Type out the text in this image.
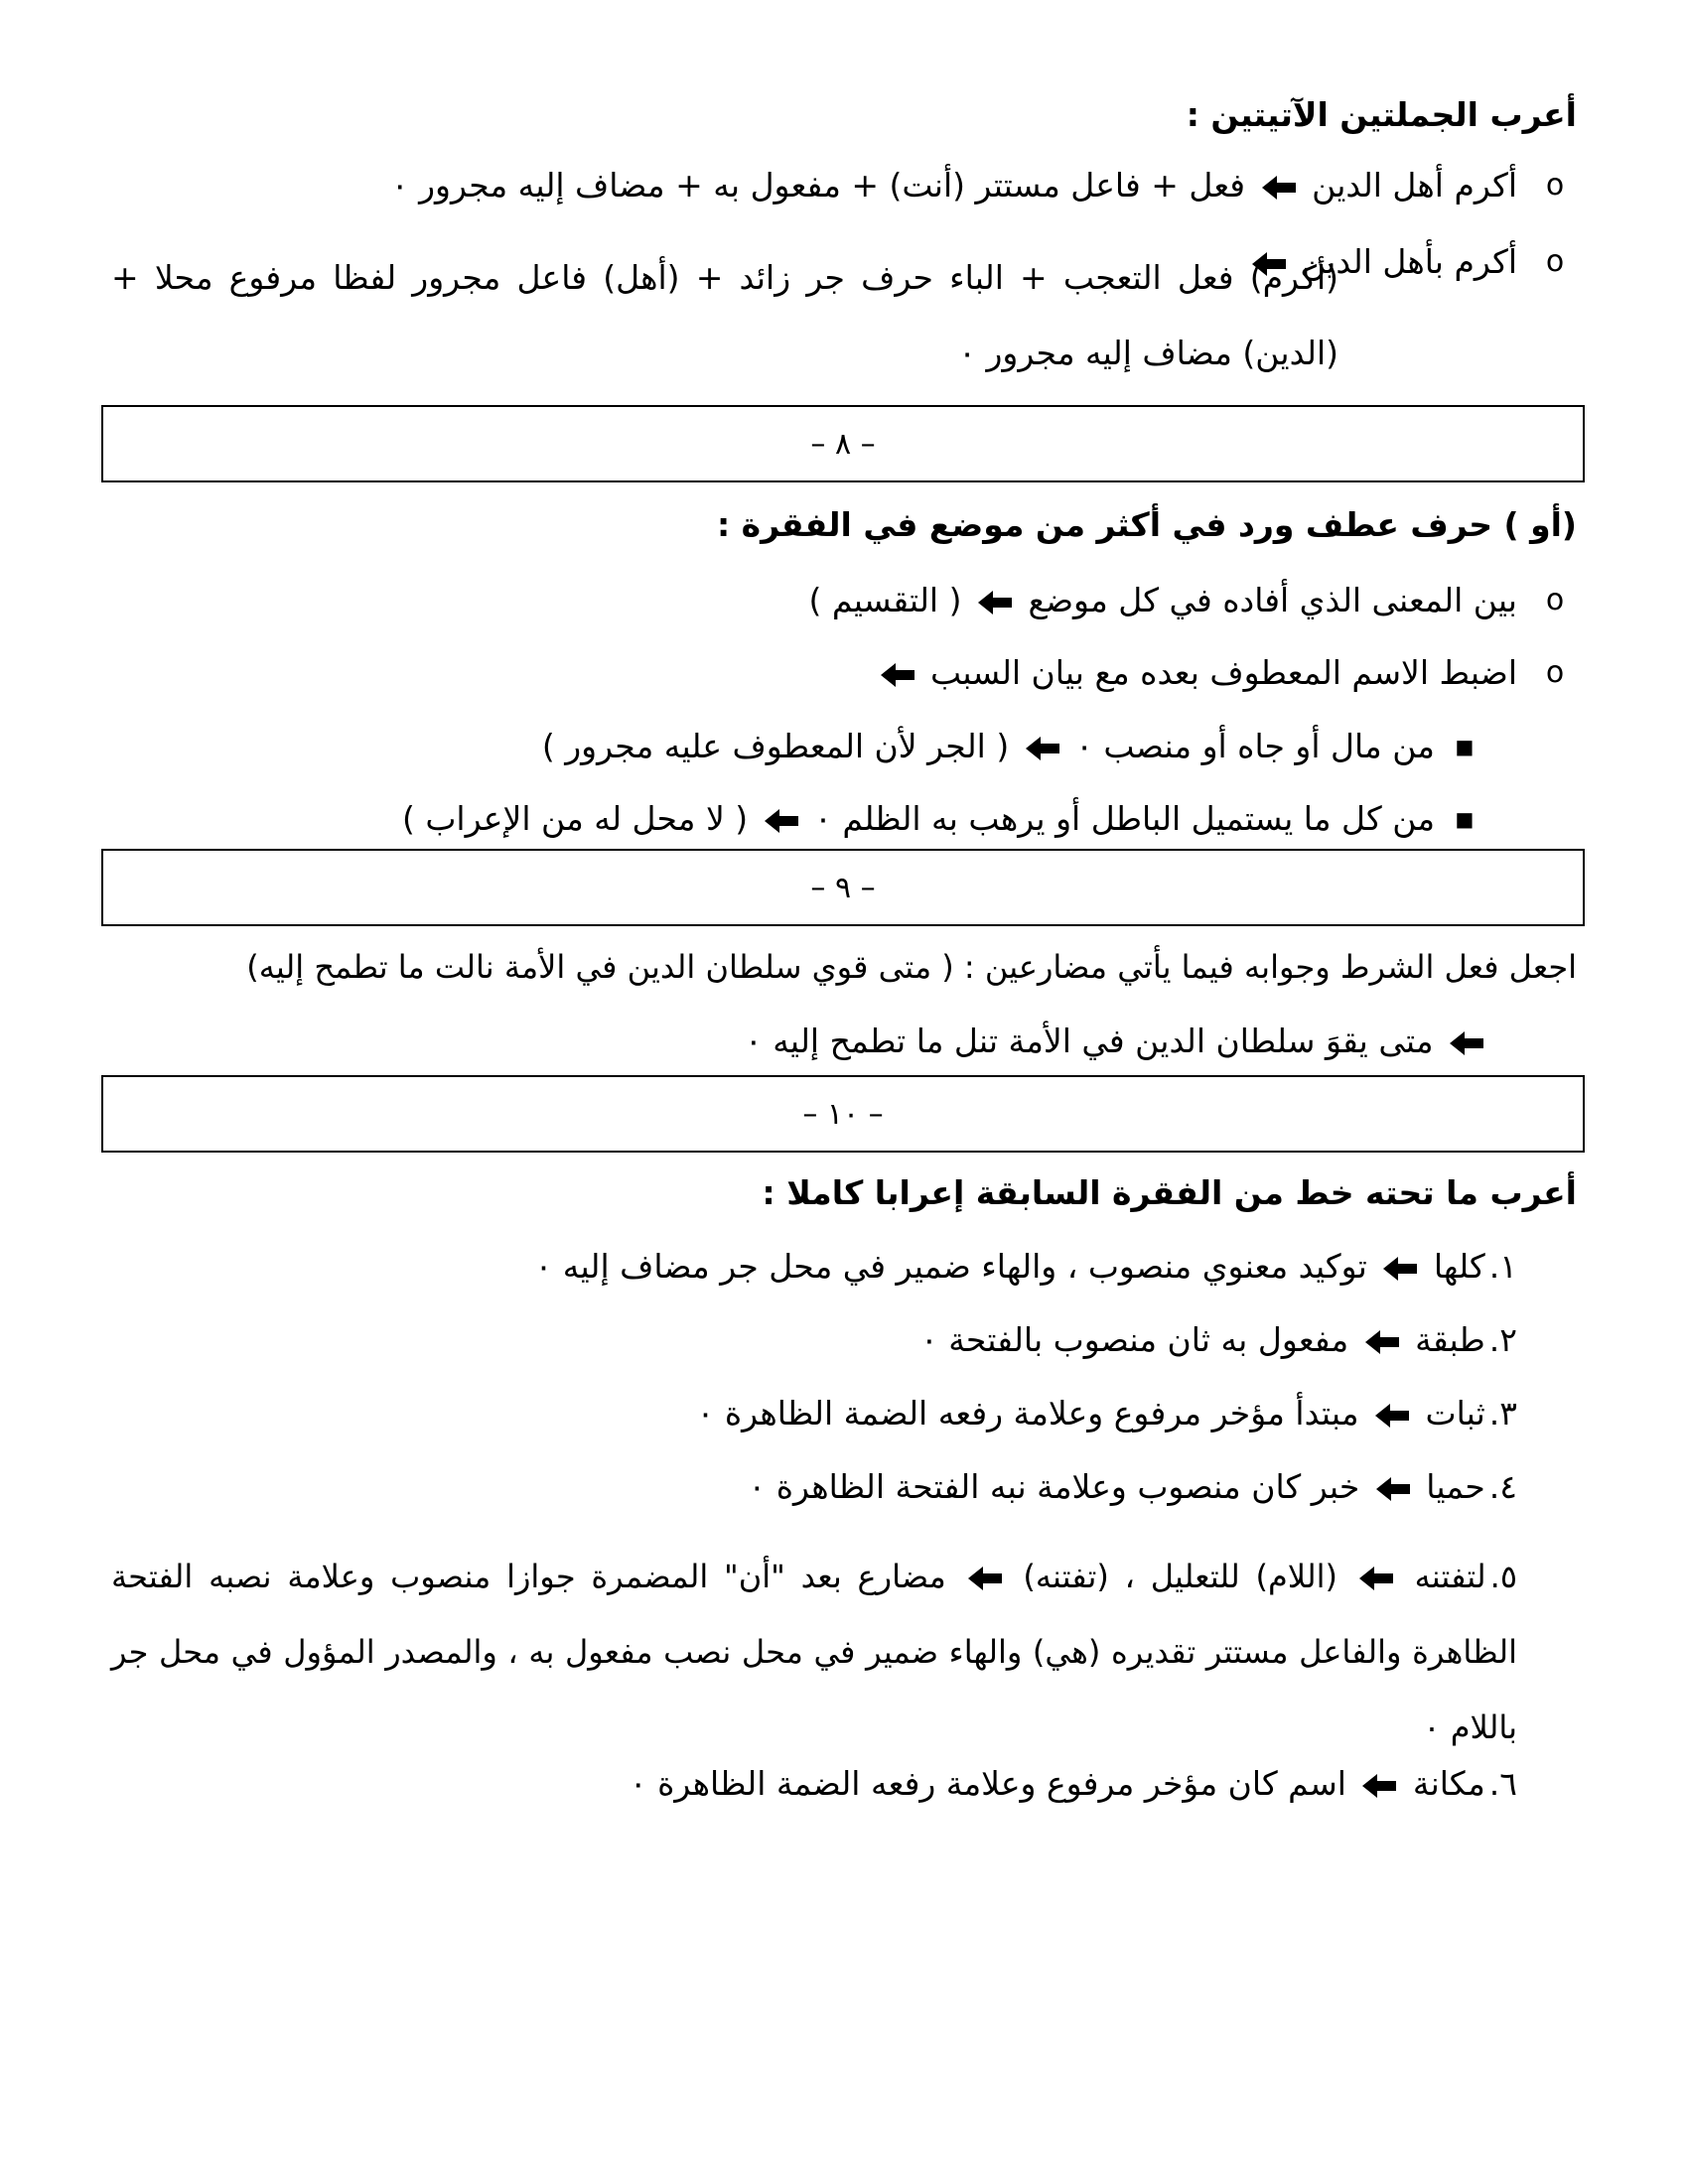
أعرب الجملتين الآتيتين :
o
أكرم أهل الدين  فعل + فاعل مستتر (أنت) + مفعول به + مضاف إليه مجرور ٠
o
أكرم بأهل الدين
(أكرم) فعل التعجب + الباء حرف جر زائد + (أهل) فاعل مجرور لفظا مرفوع محلا + (الدين) مضاف إليه مجرور ٠
– ٨ –
(أو ) حرف عطف ورد في أكثر من موضع في الفقرة :
o
بين المعنى الذي أفاده في كل موضع  ( التقسيم )
o
اضبط الاسم المعطوف بعده مع بيان السبب
■
من مال أو جاه أو منصب ٠  ( الجر لأن المعطوف عليه مجرور )
■
من كل ما يستميل الباطل أو يرهب به الظلم ٠  ( لا محل له من الإعراب )
– ٩ –
اجعل فعل الشرط وجوابه فيما يأتي مضارعين : ( متى قوي سلطان الدين في الأمة نالت ما تطمح إليه)
متى يقوَ سلطان الدين في الأمة تنل ما تطمح إليه ٠
– ١٠ –
أعرب ما تحته خط من الفقرة السابقة إعرابا كاملا :
١.كلها  توكيد معنوي منصوب ، والهاء ضمير في محل جر مضاف إليه ٠
٢.طبقة  مفعول به ثان منصوب بالفتحة ٠
٣.ثبات  مبتدأ مؤخر مرفوع وعلامة رفعه الضمة الظاهرة ٠
٤.حميا  خبر كان منصوب وعلامة نبه الفتحة الظاهرة ٠
٥.لتفتنه  (اللام) للتعليل ، (تفتنه)  مضارع بعد "أن" المضمرة جوازا منصوب وعلامة نصبه الفتحة الظاهرة والفاعل مستتر تقديره (هي) والهاء ضمير في محل نصب مفعول به ، والمصدر المؤول في محل جر باللام ٠
٦.مكانة  اسم كان مؤخر مرفوع وعلامة رفعه الضمة الظاهرة ٠
